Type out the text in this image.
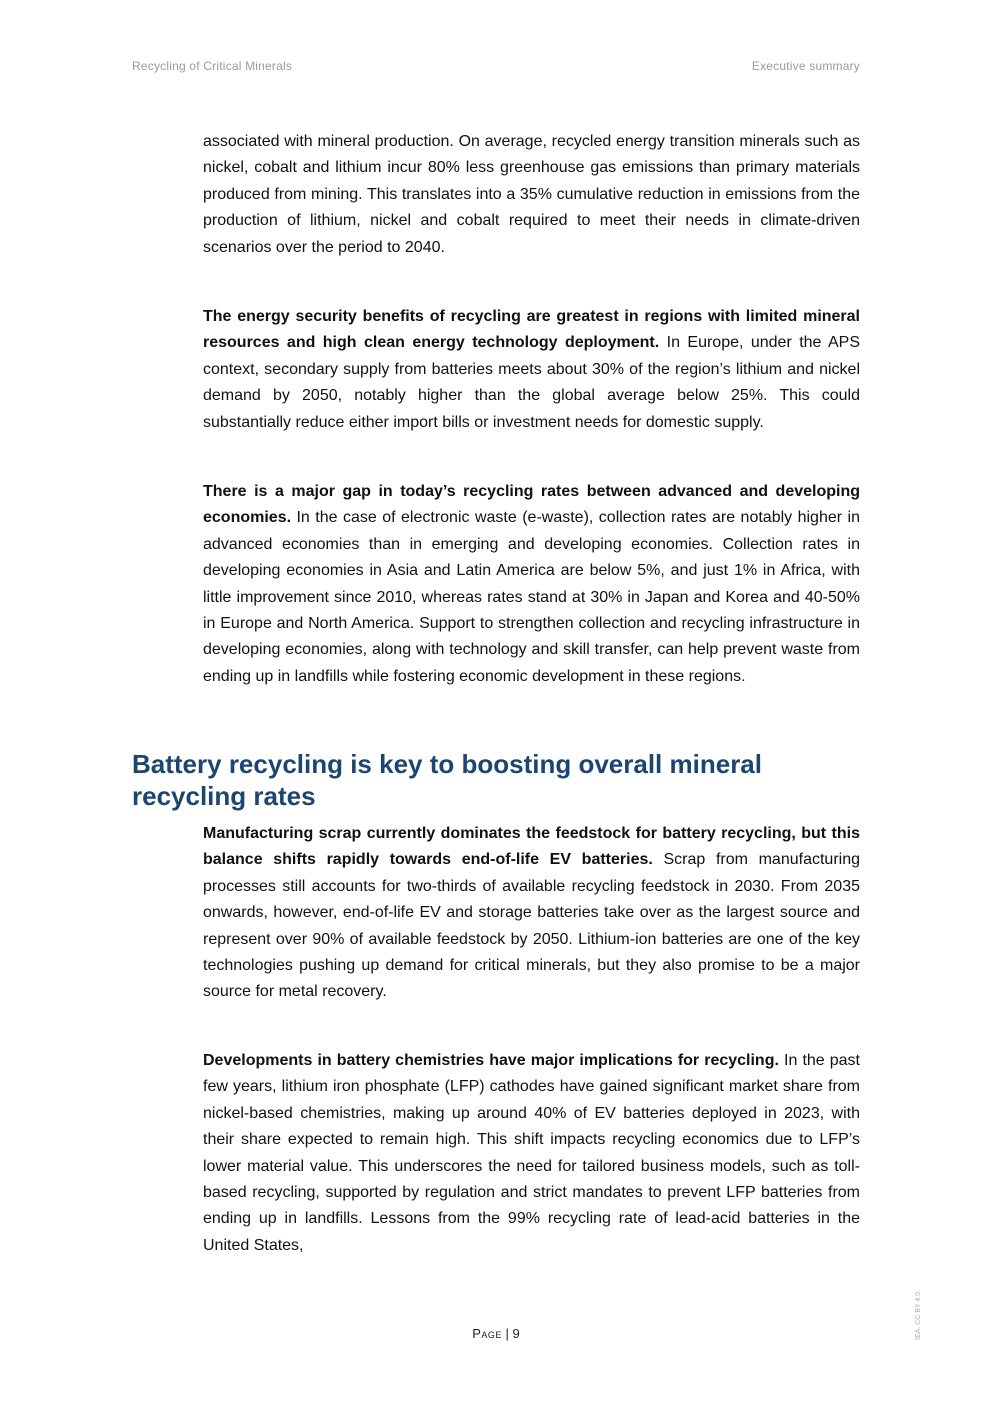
Recycling of Critical Minerals	Executive summary

associated with mineral production. On average, recycled energy transition minerals such as nickel, cobalt and lithium incur 80% less greenhouse gas emissions than primary materials produced from mining. This translates into a 35% cumulative reduction in emissions from the production of lithium, nickel and cobalt required to meet their needs in climate-driven scenarios over the period to 2040.

The energy security benefits of recycling are greatest in regions with limited mineral resources and high clean energy technology deployment. In Europe, under the APS context, secondary supply from batteries meets about 30% of the region’s lithium and nickel demand by 2050, notably higher than the global average below 25%. This could substantially reduce either import bills or investment needs for domestic supply.

There is a major gap in today’s recycling rates between advanced and developing economies. In the case of electronic waste (e-waste), collection rates are notably higher in advanced economies than in emerging and developing economies. Collection rates in developing economies in Asia and Latin America are below 5%, and just 1% in Africa, with little improvement since 2010, whereas rates stand at 30% in Japan and Korea and 40-50% in Europe and North America. Support to strengthen collection and recycling infrastructure in developing economies, along with technology and skill transfer, can help prevent waste from ending up in landfills while fostering economic development in these regions.

Battery recycling is key to boosting overall mineral recycling rates

Manufacturing scrap currently dominates the feedstock for battery recycling, but this balance shifts rapidly towards end-of-life EV batteries. Scrap from manufacturing processes still accounts for two-thirds of available recycling feedstock in 2030. From 2035 onwards, however, end-of-life EV and storage batteries take over as the largest source and represent over 90% of available feedstock by 2050. Lithium-ion batteries are one of the key technologies pushing up demand for critical minerals, but they also promise to be a major source for metal recovery.

Developments in battery chemistries have major implications for recycling. In the past few years, lithium iron phosphate (LFP) cathodes have gained significant market share from nickel-based chemistries, making up around 40% of EV batteries deployed in 2023, with their share expected to remain high. This shift impacts recycling economics due to LFP’s lower material value. This underscores the need for tailored business models, such as toll-based recycling, supported by regulation and strict mandates to prevent LFP batteries from ending up in landfills. Lessons from the 99% recycling rate of lead-acid batteries in the United States,

Page | 9	IEA. CC BY 4.0.
